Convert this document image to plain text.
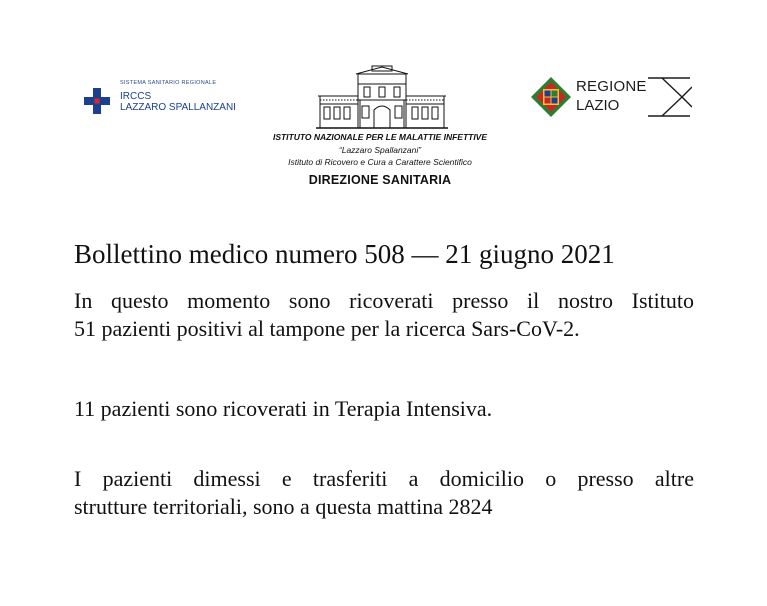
SISTEMA SANITARIO REGIONALE
IRCCS
LAZZARO SPALLANZANI
ISTITUTO NAZIONALE PER LE MALATTIE INFETTIVE
“Lazzaro Spallanzani”
Istituto di Ricovero e Cura a Carattere Scientifico
DIREZIONE SANITARIA
REGIONE
LAZIO
Bollettino medico numero 508 — 21 giugno 2021
In questo momento sono ricoverati presso il nostro Istituto
51 pazienti positivi al tampone per la ricerca Sars-CoV-2.
11 pazienti sono ricoverati in Terapia Intensiva.
I pazienti dimessi e trasferiti a domicilio o presso altre
strutture territoriali, sono a questa mattina 2824
